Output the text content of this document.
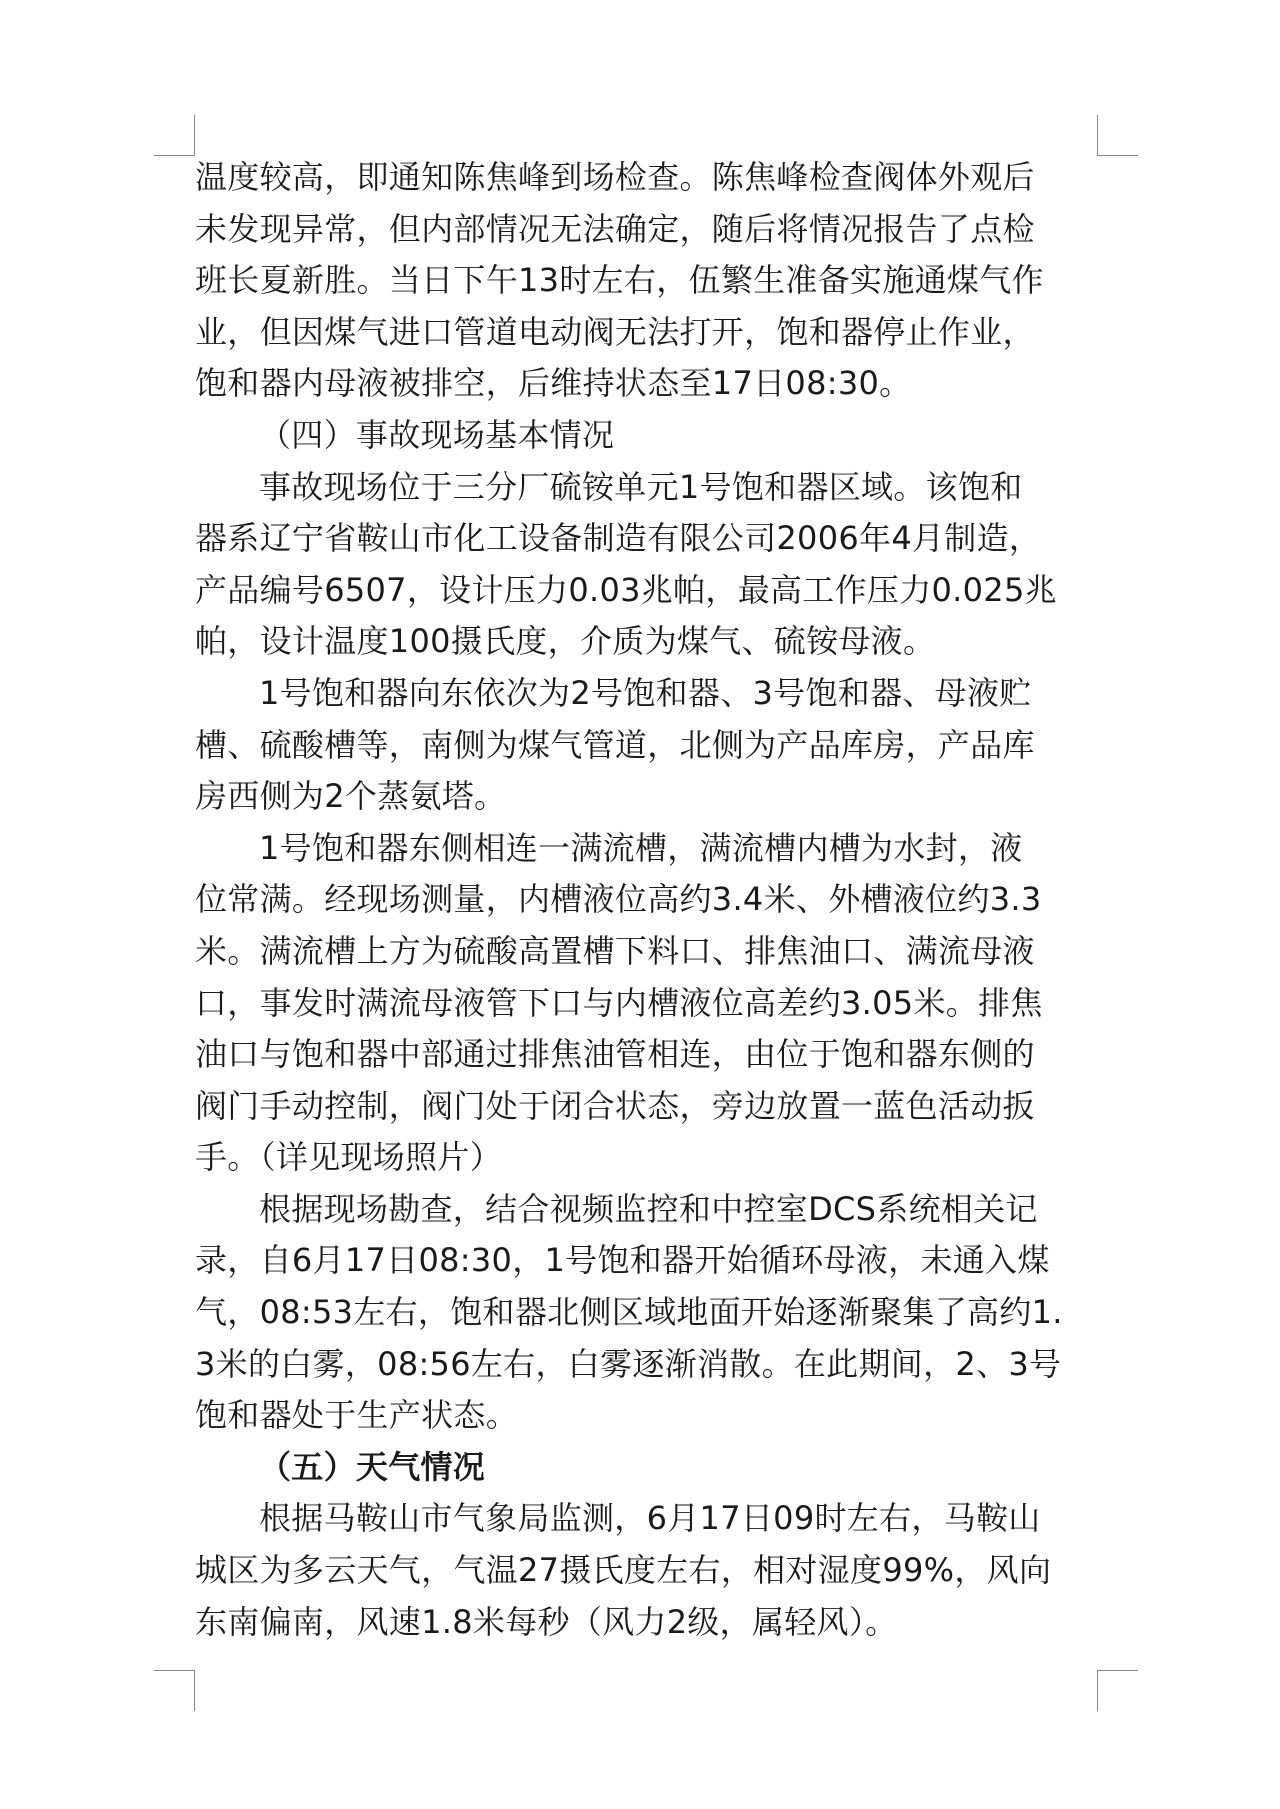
温度较高，即通知陈焦峰到场检查。陈焦峰检查阀体外观后
未发现异常，但内部情况无法确定，随后将情况报告了点检
班长夏新胜。当日下午13时左右，伍繁生准备实施通煤气作
业，但因煤气进口管道电动阀无法打开，饱和器停止作业，
饱和器内母液被排空，后维持状态至17日08:30。
（四）事故现场基本情况
事故现场位于三分厂硫铵单元1号饱和器区域。该饱和
器系辽宁省鞍山市化工设备制造有限公司2006年4月制造，
产品编号6507，设计压力0.03兆帕，最高工作压力0.025兆
帕，设计温度100摄氏度，介质为煤气、硫铵母液。
1号饱和器向东依次为2号饱和器、3号饱和器、母液贮
槽、硫酸槽等，南侧为煤气管道，北侧为产品库房，产品库
房西侧为2个蒸氨塔。
1号饱和器东侧相连一满流槽，满流槽内槽为水封，液
位常满。经现场测量，内槽液位高约3.4米、外槽液位约3.3
米。满流槽上方为硫酸高置槽下料口、排焦油口、满流母液
口，事发时满流母液管下口与内槽液位高差约3.05米。排焦
油口与饱和器中部通过排焦油管相连，由位于饱和器东侧的
阀门手动控制，阀门处于闭合状态，旁边放置一蓝色活动扳
手。（详见现场照片）
根据现场勘查，结合视频监控和中控室DCS系统相关记
录，自6月17日08:30，1号饱和器开始循环母液，未通入煤
气，08:53左右，饱和器北侧区域地面开始逐渐聚集了高约1.
3米的白雾，08:56左右，白雾逐渐消散。在此期间，2、3号
饱和器处于生产状态。
（五）天气情况
根据马鞍山市气象局监测，6月17日09时左右，马鞍山
城区为多云天气，气温27摄氏度左右，相对湿度99%，风向
东南偏南，风速1.8米每秒（风力2级，属轻风）。
